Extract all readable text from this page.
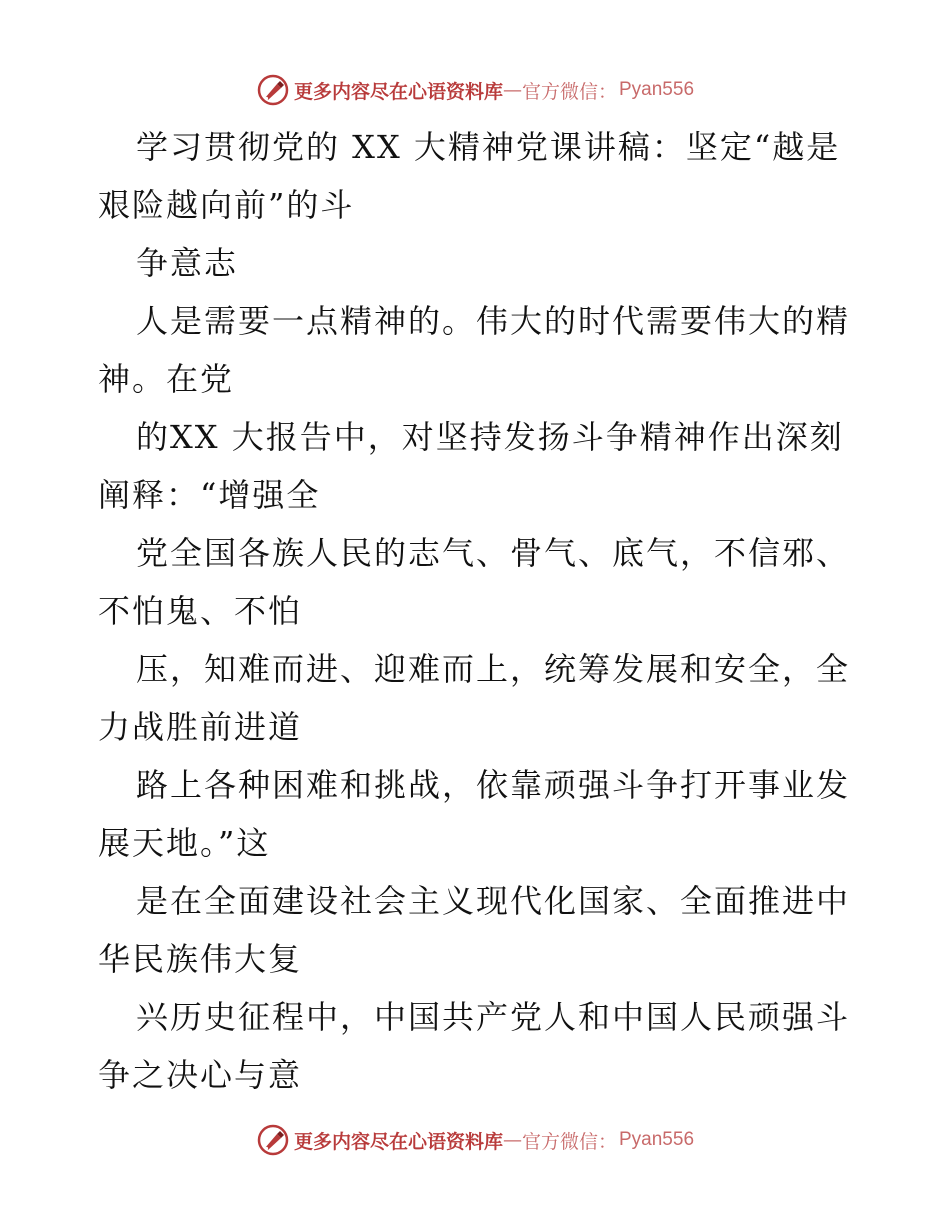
更多内容尽在心语资料库 — 官方微信： Pyan556
学习贯彻党的 XX 大精神党课讲稿：坚定“越是
艰险越向前”的斗
争意志
人是需要一点精神的。伟大的时代需要伟大的精
神。在党
的XX 大报告中，对坚持发扬斗争精神作出深刻
阐释：“增强全
党全国各族人民的志气、骨气、底气，不信邪、
不怕鬼、不怕
压，知难而进、迎难而上，统筹发展和安全，全
力战胜前进道
路上各种困难和挑战，依靠顽强斗争打开事业发
展天地。”这
是在全面建设社会主义现代化国家、全面推进中
华民族伟大复
兴历史征程中，中国共产党人和中国人民顽强斗
争之决心与意
更多内容尽在心语资料库 — 官方微信： Pyan556
